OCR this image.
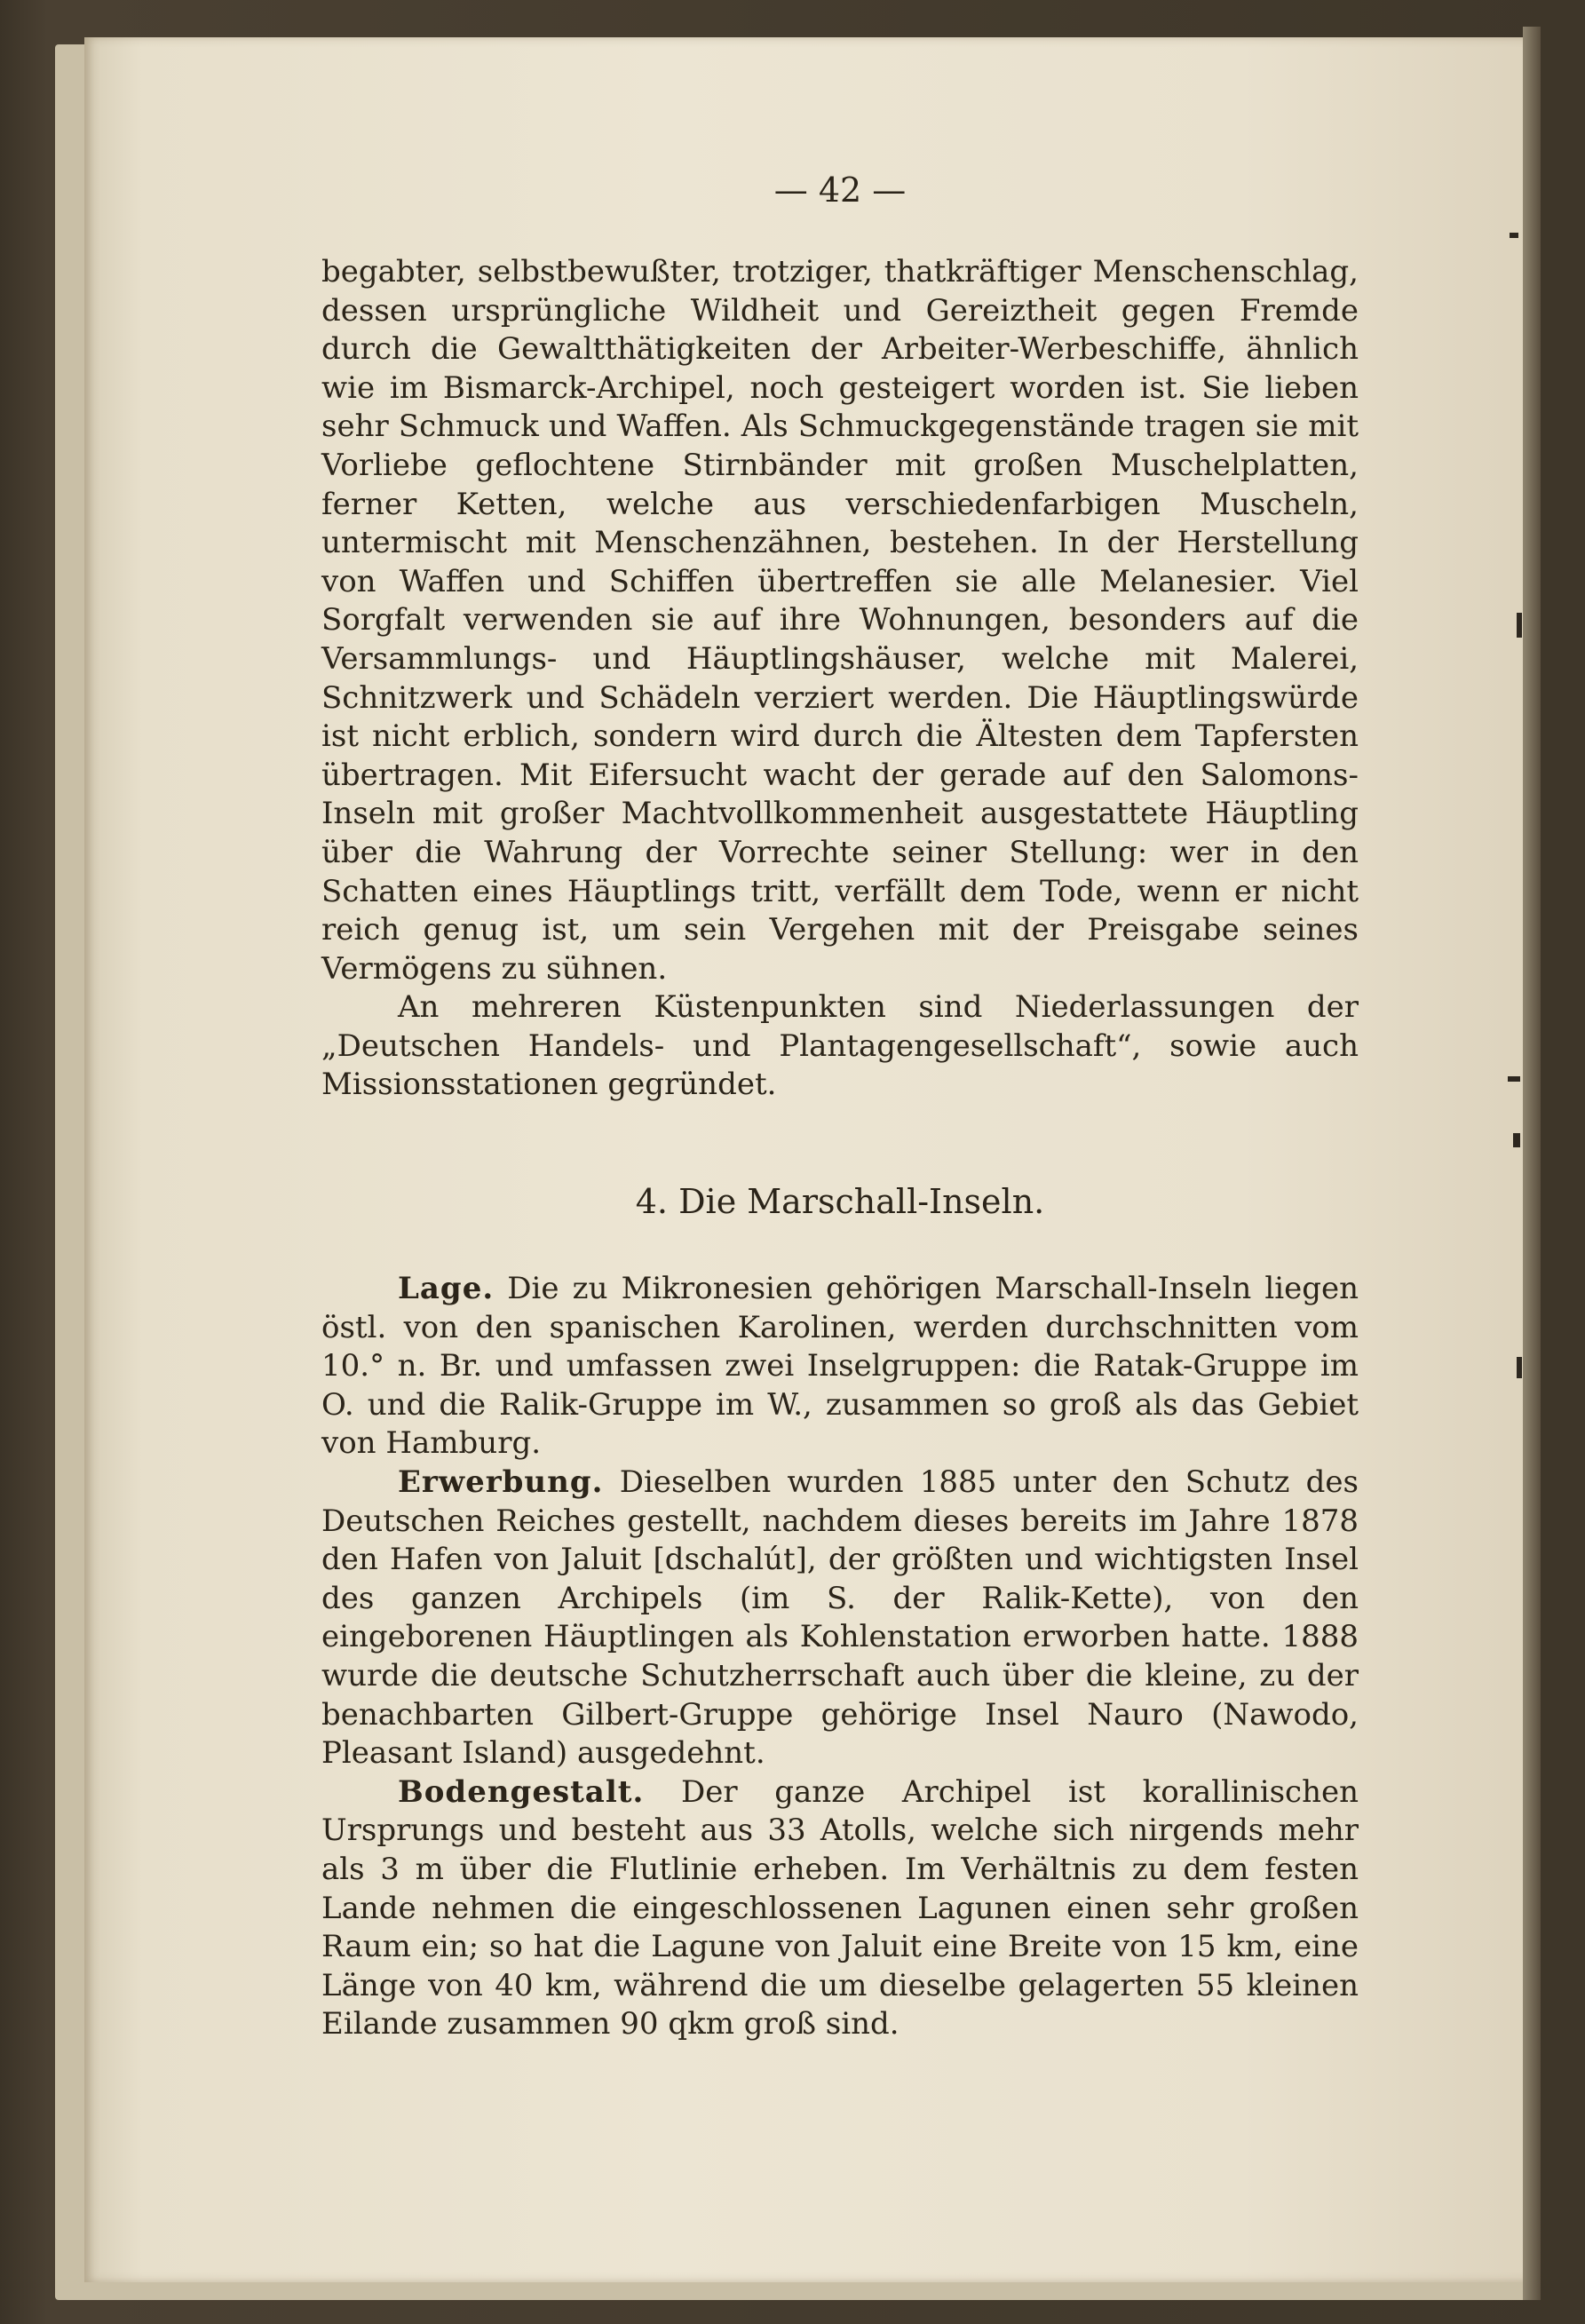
— 42 —

begabter, selbstbewußter, trotziger, thatkräftiger Menschenschlag, dessen ursprüngliche Wildheit und Gereiztheit gegen Fremde durch die Gewaltthätigkeiten der Arbeiter-Werbeschiffe, ähnlich wie im Bismarck-Archipel, noch gesteigert worden ist. Sie lieben sehr Schmuck und Waffen. Als Schmuckgegenstände tragen sie mit Vorliebe geflochtene Stirnbänder mit großen Muschelplatten, ferner Ketten, welche aus verschiedenfarbigen Muscheln, untermischt mit Menschenzähnen, bestehen. In der Herstellung von Waffen und Schiffen übertreffen sie alle Melanesier. Viel Sorgfalt verwenden sie auf ihre Wohnungen, besonders auf die Versammlungs- und Häuptlingshäuser, welche mit Malerei, Schnitzwerk und Schädeln verziert werden. Die Häuptlingswürde ist nicht erblich, sondern wird durch die Ältesten dem Tapfersten übertragen. Mit Eifersucht wacht der gerade auf den Salomons-Inseln mit großer Machtvollkommenheit ausgestattete Häuptling über die Wahrung der Vorrechte seiner Stellung: wer in den Schatten eines Häuptlings tritt, verfällt dem Tode, wenn er nicht reich genug ist, um sein Vergehen mit der Preisgabe seines Vermögens zu sühnen.

An mehreren Küstenpunkten sind Niederlassungen der „Deutschen Handels- und Plantagengesellschaft“, sowie auch Missionsstationen gegründet.

4. Die Marschall-Inseln.

Lage. Die zu Mikronesien gehörigen Marschall-Inseln liegen östl. von den spanischen Karolinen, werden durchschnitten vom 10.° n. Br. und umfassen zwei Inselgruppen: die Ratak-Gruppe im O. und die Ralik-Gruppe im W., zusammen so groß als das Gebiet von Hamburg.

Erwerbung. Dieselben wurden 1885 unter den Schutz des Deutschen Reiches gestellt, nachdem dieses bereits im Jahre 1878 den Hafen von Jaluit [dschalút], der größten und wichtigsten Insel des ganzen Archipels (im S. der Ralik-Kette), von den eingeborenen Häuptlingen als Kohlenstation erworben hatte. 1888 wurde die deutsche Schutzherrschaft auch über die kleine, zu der benachbarten Gilbert-Gruppe gehörige Insel Nauro (Nawodo, Pleasant Island) ausgedehnt.

Bodengestalt. Der ganze Archipel ist korallinischen Ursprungs und besteht aus 33 Atolls, welche sich nirgends mehr als 3 m über die Flutlinie erheben. Im Verhältnis zu dem festen Lande nehmen die eingeschlossenen Lagunen einen sehr großen Raum ein; so hat die Lagune von Jaluit eine Breite von 15 km, eine Länge von 40 km, während die um dieselbe gelagerten 55 kleinen Eilande zusammen 90 qkm groß sind.
